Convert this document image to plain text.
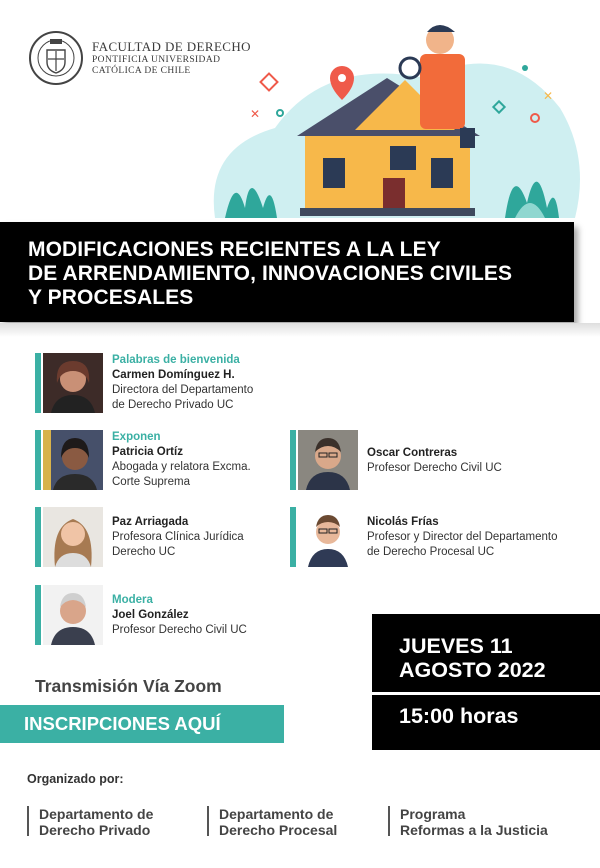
FACULTAD DE DERECHO
PONTIFICIA UNIVERSIDAD
CATÓLICA DE CHILE
✕
✕
MODIFICACIONES RECIENTES A LA LEY
DE ARRENDAMIENTO, INNOVACIONES CIVILES
Y PROCESALES
Palabras de bienvenida
Carmen Domínguez H.
Directora del Departamento
de Derecho Privado UC
Exponen
Patricia Ortíz
Abogada y relatora Excma.
Corte Suprema
Oscar Contreras
Profesor Derecho Civil UC
Paz Arriagada
Profesora Clínica Jurídica
Derecho UC
Nicolás Frías
Profesor y Director del Departamento
de Derecho Procesal UC
Modera
Joel González
Profesor Derecho Civil UC
Transmisión Vía Zoom
INSCRIPCIONES AQUÍ
JUEVES 11
AGOSTO 2022
15:00 horas
Organizado por:
Departamento de
Derecho Privado
Departamento de
Derecho Procesal
Programa
Reformas a la Justicia
